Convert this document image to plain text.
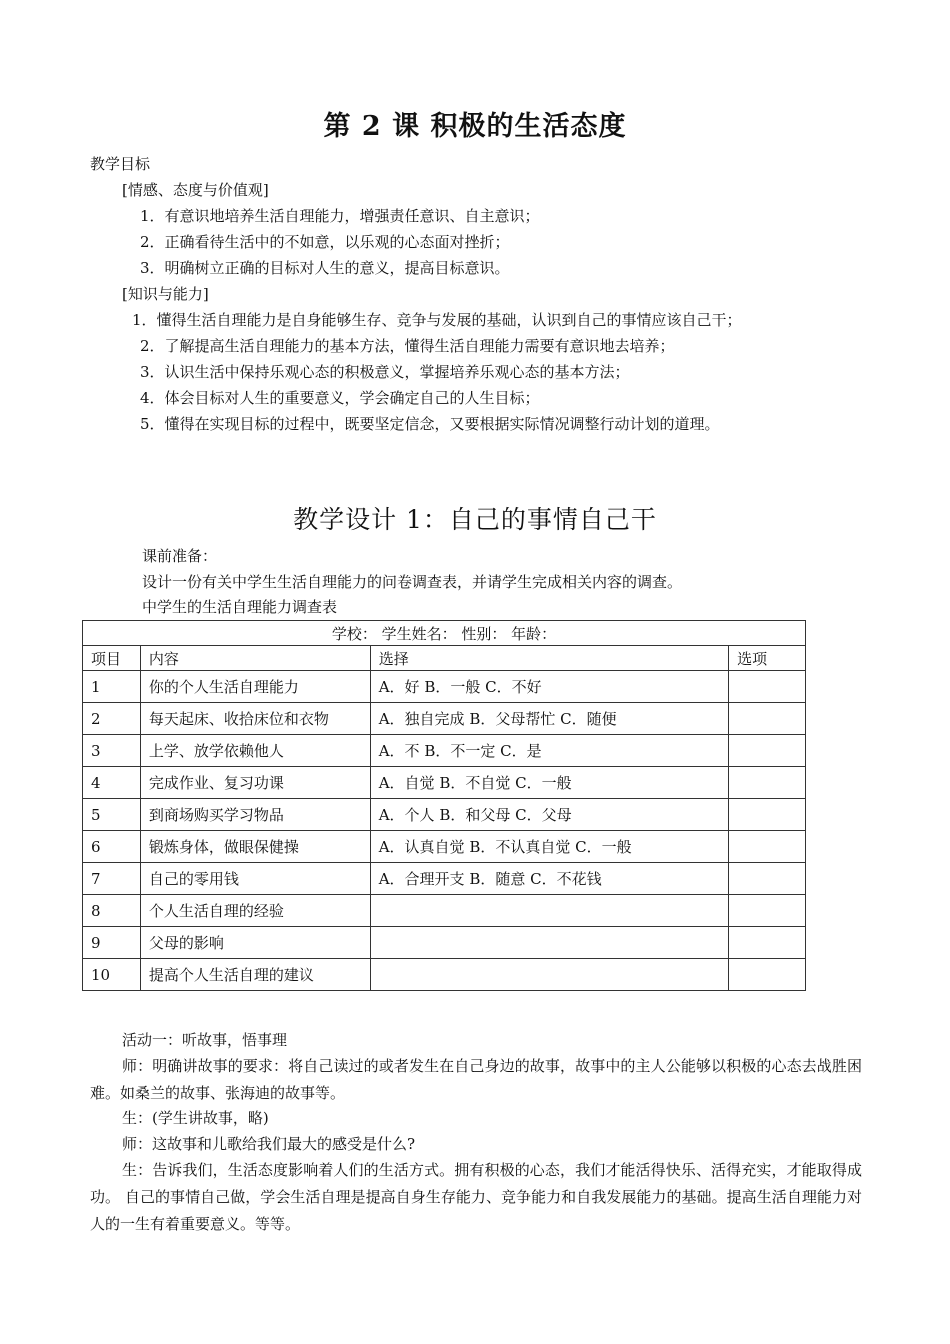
第 2 课 积极的生活态度
教学目标
[情感、态度与价值观]
1．有意识地培养生活自理能力，增强责任意识、自主意识；
2．正确看待生活中的不如意，以乐观的心态面对挫折；
3．明确树立正确的目标对人生的意义，提高目标意识。
[知识与能力]
1．懂得生活自理能力是自身能够生存、竞争与发展的基础，认识到自己的事情应该自己干；
2．了解提高生活自理能力的基本方法，懂得生活自理能力需要有意识地去培养；
3．认识生活中保持乐观心态的积极意义，掌握培养乐观心态的基本方法；
4．体会目标对人生的重要意义，学会确定自己的人生目标；
5．懂得在实现目标的过程中，既要坚定信念，又要根据实际情况调整行动计划的道理。
教学设计 1：自己的事情自己干
课前准备：
设计一份有关中学生生活自理能力的问卷调查表，并请学生完成相关内容的调查。
中学生的生活自理能力调查表
学校： 学生姓名： 性别： 年龄：			
项目	内容	选择	选项
1	你的个人生活自理能力	A．好 B．一般 C．不好	
2	每天起床、收拾床位和衣物	A．独自完成 B．父母帮忙 C．随便	
3	上学、放学依赖他人	A．不 B．不一定 C．是	
4	完成作业、复习功课	A．自觉 B．不自觉 C．一般	
5	到商场购买学习物品	A．个人 B．和父母 C．父母	
6	锻炼身体，做眼保健操	A．认真自觉 B．不认真自觉 C．一般	
7	自己的零用钱	A．合理开支 B．随意 C．不花钱	
8	个人生活自理的经验		
9	父母的影响		
10	提高个人生活自理的建议		
活动一：听故事，悟事理
师：明确讲故事的要求：将自己读过的或者发生在自己身边的故事，故事中的主人公能够以积极的心态去战胜困难。如桑兰的故事、张海迪的故事等。
生：(学生讲故事，略)
师：这故事和儿歌给我们最大的感受是什么?
生：告诉我们，生活态度影响着人们的生活方式。拥有积极的心态，我们才能活得快乐、活得充实，才能取得成功。 自己的事情自己做，学会生活自理是提高自身生存能力、竞争能力和自我发展能力的基础。提高生活自理能力对人的一生有着重要意义。等等。
